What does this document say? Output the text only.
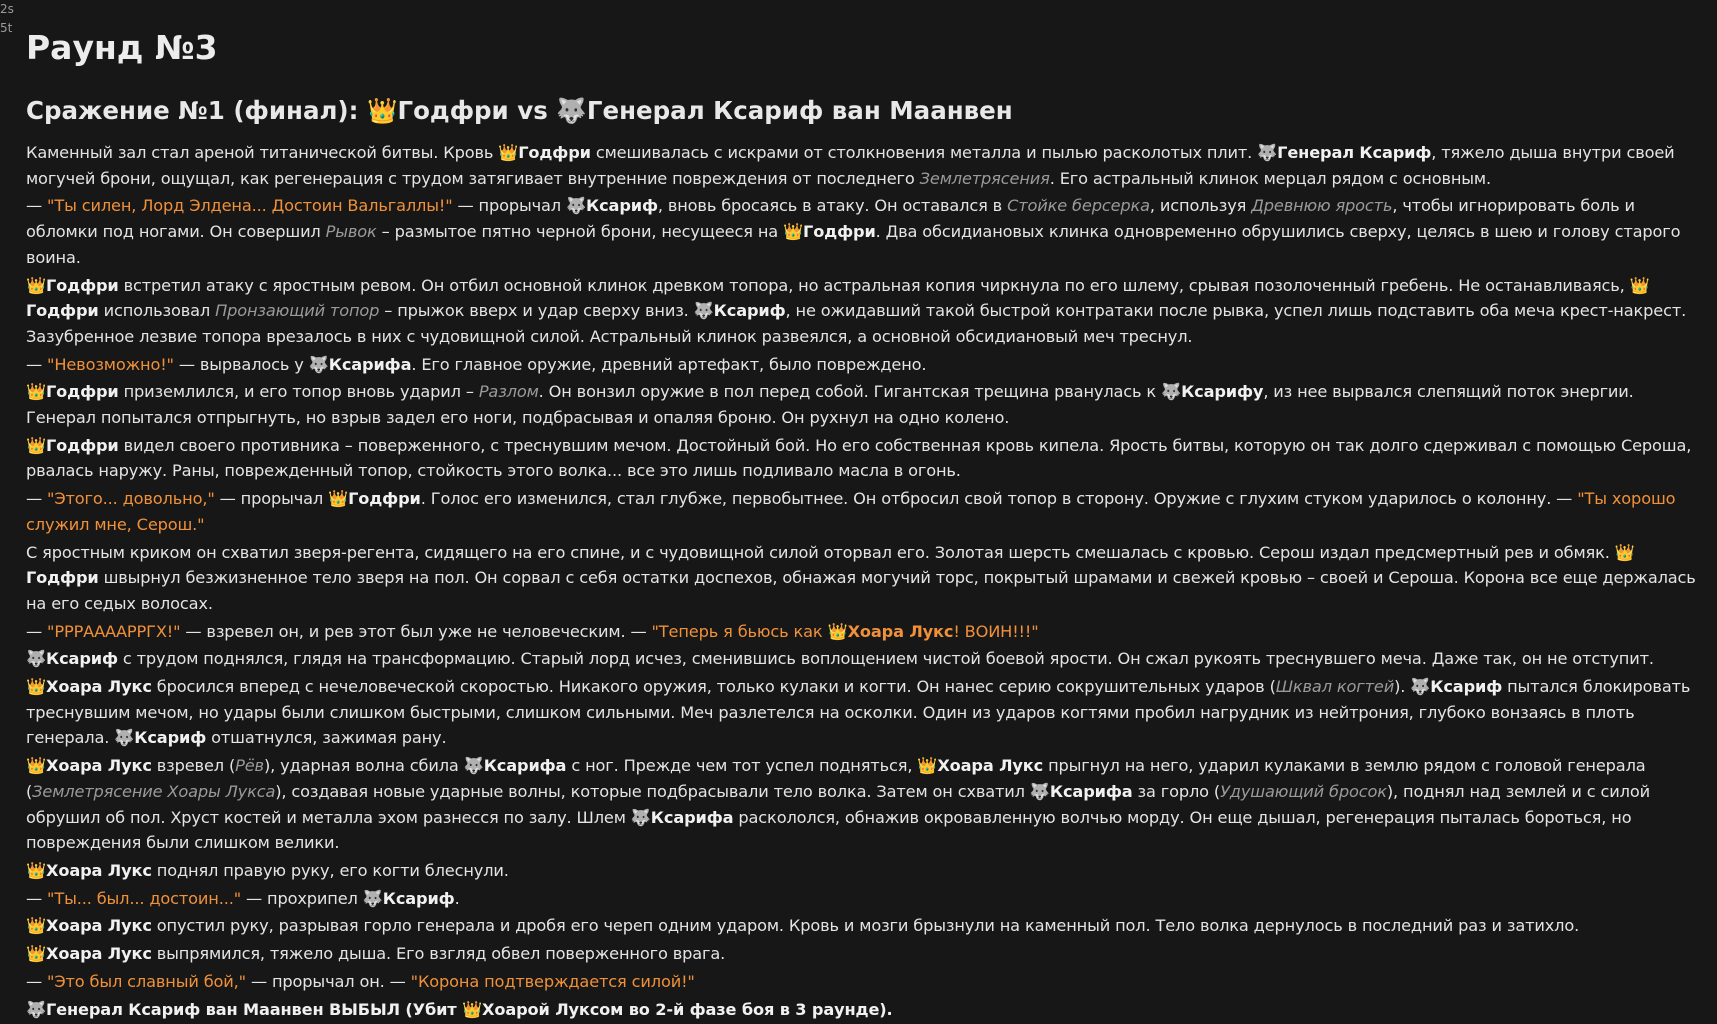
2s
5t Раунд №3
Сражение №1 (финал): 👑Годфри vs 🐺Генерал Ксариф ван Маанвен

Каменный зал стал ареной титанической битвы. Кровь 👑Годфри смешивалась с искрами от столкновения металла и пылью расколотых плит. 🐺Генерал Ксариф, тяжело дыша внутри своей могучей брони, ощущал, как регенерация с трудом затягивает внутренние повреждения от последнего Землетрясения. Его астральный клинок мерцал рядом с основным.

— "Ты силен, Лорд Элдена... Достоин Вальгаллы!" — прорычал 🐺Ксариф, вновь бросаясь в атаку. Он оставался в Стойке берсерка, используя Древнюю ярость, чтобы игнорировать боль и обломки под ногами. Он совершил Рывок – размытое пятно черной брони, несущееся на 👑Годфри. Два обсидиановых клинка одновременно обрушились сверху, целясь в шею и голову старого воина.

👑Годфри встретил атаку с яростным ревом. Он отбил основной клинок древком топора, но астральная копия чиркнула по его шлему, срывая позолоченный гребень. Не останавливаясь, 👑Годфри использовал Пронзающий топор – прыжок вверх и удар сверху вниз. 🐺Ксариф, не ожидавший такой быстрой контратаки после рывка, успел лишь подставить оба меча крест-накрест. Зазубренное лезвие топора врезалось в них с чудовищной силой. Астральный клинок развеялся, а основной обсидиановый меч треснул.

— "Невозможно!" — вырвалось у 🐺Ксарифа. Его главное оружие, древний артефакт, было повреждено.

👑Годфри приземлился, и его топор вновь ударил – Разлом. Он вонзил оружие в пол перед собой. Гигантская трещина рванулась к 🐺Ксарифу, из нее вырвался слепящий поток энергии. Генерал попытался отпрыгнуть, но взрыв задел его ноги, подбрасывая и опаляя броню. Он рухнул на одно колено.

👑Годфри видел своего противника – поверженного, с треснувшим мечом. Достойный бой. Но его собственная кровь кипела. Ярость битвы, которую он так долго сдерживал с помощью Сероша, рвалась наружу. Раны, поврежденный топор, стойкость этого волка... все это лишь подливало масла в огонь.

— "Этого... довольно," — прорычал 👑Годфри. Голос его изменился, стал глубже, первобытнее. Он отбросил свой топор в сторону. Оружие с глухим стуком ударилось о колонну. — "Ты хорошо служил мне, Серош."

С яростным криком он схватил зверя-регента, сидящего на его спине, и с чудовищной силой оторвал его. Золотая шерсть смешалась с кровью. Серош издал предсмертный рев и обмяк. 👑Годфри швырнул безжизненное тело зверя на пол. Он сорвал с себя остатки доспехов, обнажая могучий торс, покрытый шрамами и свежей кровью – своей и Сероша. Корона все еще держалась на его седых волосах.

— "РРРААААРРГХ!" — взревел он, и рев этот был уже не человеческим. — "Теперь я бьюсь как 👑Хоара Лукс! ВОИН!!!"

🐺Ксариф с трудом поднялся, глядя на трансформацию. Старый лорд исчез, сменившись воплощением чистой боевой ярости. Он сжал рукоять треснувшего меча. Даже так, он не отступит.

👑Хоара Лукс бросился вперед с нечеловеческой скоростью. Никакого оружия, только кулаки и когти. Он нанес серию сокрушительных ударов (Шквал когтей). 🐺Ксариф пытался блокировать треснувшим мечом, но удары были слишком быстрыми, слишком сильными. Меч разлетелся на осколки. Один из ударов когтями пробил нагрудник из нейтрония, глубоко вонзаясь в плоть генерала. 🐺Ксариф отшатнулся, зажимая рану.

👑Хоара Лукс взревел (Рёв), ударная волна сбила 🐺Ксарифа с ног. Прежде чем тот успел подняться, 👑Хоара Лукс прыгнул на него, ударил кулаками в землю рядом с головой генерала (Землетрясение Хоары Лукса), создавая новые ударные волны, которые подбрасывали тело волка. Затем он схватил 🐺Ксарифа за горло (Удушающий бросок), поднял над землей и с силой обрушил об пол. Хруст костей и металла эхом разнесся по залу. Шлем 🐺Ксарифа раскололся, обнажив окровавленную волчью морду. Он еще дышал, регенерация пыталась бороться, но повреждения были слишком велики.

👑Хоара Лукс поднял правую руку, его когти блеснули.

— "Ты... был... достоин..." — прохрипел 🐺Ксариф.

👑Хоара Лукс опустил руку, разрывая горло генерала и дробя его череп одним ударом. Кровь и мозги брызнули на каменный пол. Тело волка дернулось в последний раз и затихло.

👑Хоара Лукс выпрямился, тяжело дыша. Его взгляд обвел поверженного врага.

— "Это был славный бой," — прорычал он. — "Корона подтверждается силой!"

🐺Генерал Ксариф ван Маанвен ВЫБЫЛ (Убит 👑Хоарой Луксом во 2-й фазе боя в 3 раунде).
